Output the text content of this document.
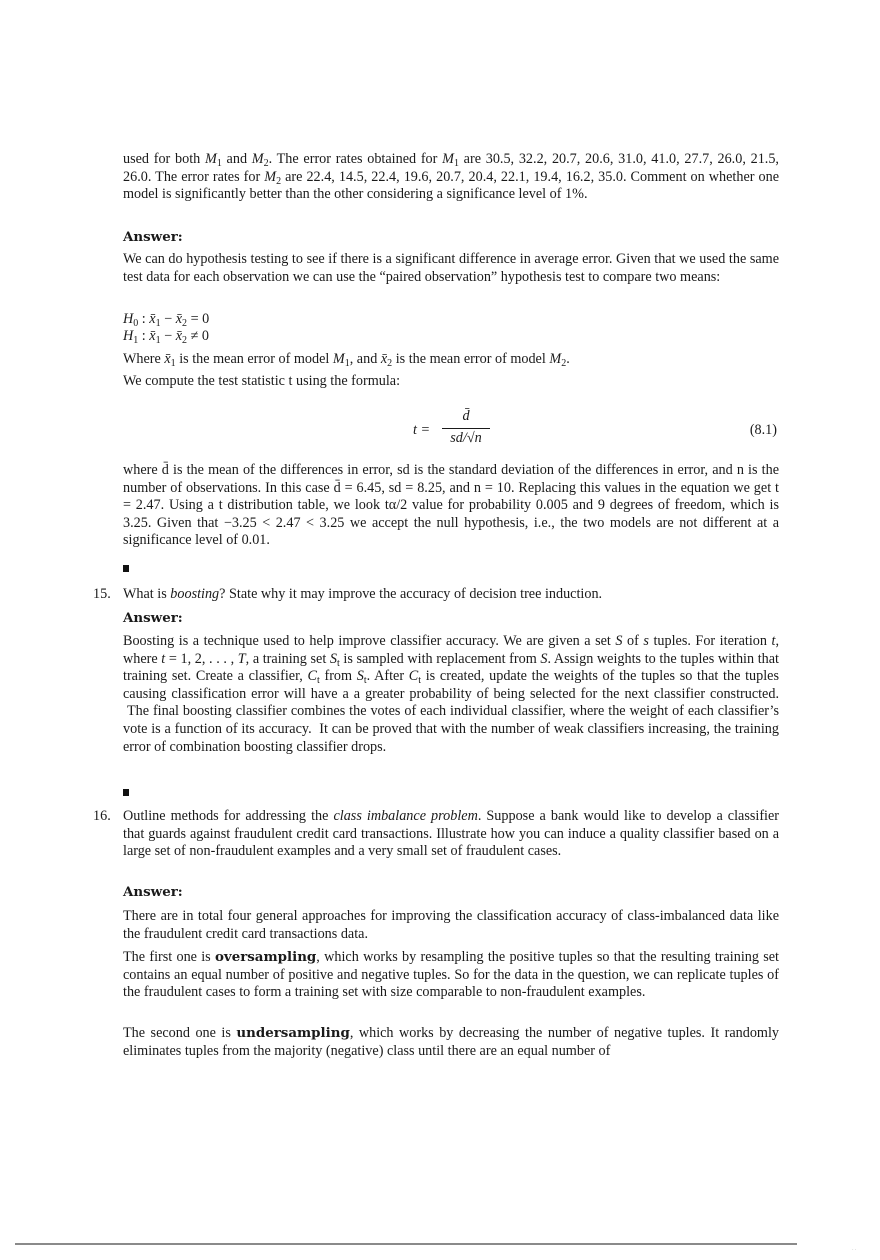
used for both $M_1$ and $M_2$. The error rates obtained for $M_1$ are 30.5, 32.2, 20.7, 20.6, 31.0, 41.0, 27.7, 26.0, 21.5, 26.0. The error rates for $M_2$ are 22.4, 14.5, 22.4, 19.6, 20.7, 20.4, 22.1, 19.4, 16.2, 35.0. Comment on whether one model is significantly better than the other considering a significance level of 1%.

Answer:

We can do hypothesis testing to see if there is a significant difference in average error. Given that we used the same test data for each observation we can use the “paired observation” hypothesis test to compare two means:

$H_0$ : $x̄_1$ − $x̄_2 = 0$
$H_1$ : $x̄_1$ − $x̄_2 \ne 0$
Where $x̄_1$ is the mean error of model $M_1$, and $x̄_2$ is the mean error of model $M_2$.

We compute the test statistic t using the formula:

t =
d̄
sd/√n	(8.1)

where d̄ is the mean of the differences in error, sd is the standard deviation of the differences in error, and n is the number of observations. In this case d̄ = 6.45, sd = 8.25, and n = 10. Replacing this values in the equation we get t = 2.47. Using a t distribution table, we look tα/2 value for probability 0.005 and 9 degrees of freedom, which is 3.25. Given that −3.25 < 2.47 < 3.25 we accept the null hypothesis, i.e., the two models are not different at a significance level of 0.01.

15. What is boosting? State why it may improve the accuracy of decision tree induction.
Answer:

Boosting is a technique used to help improve classifier accuracy. We are given a set S of s tuples. For iteration t, where t = 1, 2, . . . , T, a training set $S_t$ is sampled with replacement from S. Assign weights to the tuples within that training set. Create a classifier, $C_t$ from $S_t$. After $C_t$ is created, update the weights of the tuples so that the tuples causing classification error will have a a greater probability of being selected for the next classifier constructed.  The final boosting classifier combines the votes of each individual classifier, where the weight of each classifier’s vote is a function of its accuracy.  It can be proved that with the number of weak classifiers increasing, the training error of combination boosting classifier drops.

16. Outline methods for addressing the class imbalance problem. Suppose a bank would like to develop a classifier that guards against fraudulent credit card transactions. Illustrate how you can induce a quality classifier based on a large set of non-fraudulent examples and a very small set of fraudulent cases.
Answer:

There are in total four general approaches for improving the classification accuracy of class-imbalanced data like the fraudulent credit card transactions data.

The first one is oversampling, which works by resampling the positive tuples so that the resulting training set contains an equal number of positive and negative tuples. So for the data in the question, we can replicate tuples of the fraudulent cases to form a training set with size comparable to non-fraudulent examples.

The second one is undersampling, which works by decreasing the number of negative tuples. It randomly eliminates tuples from the majority (negative) class until there are an equal number of

· ·
